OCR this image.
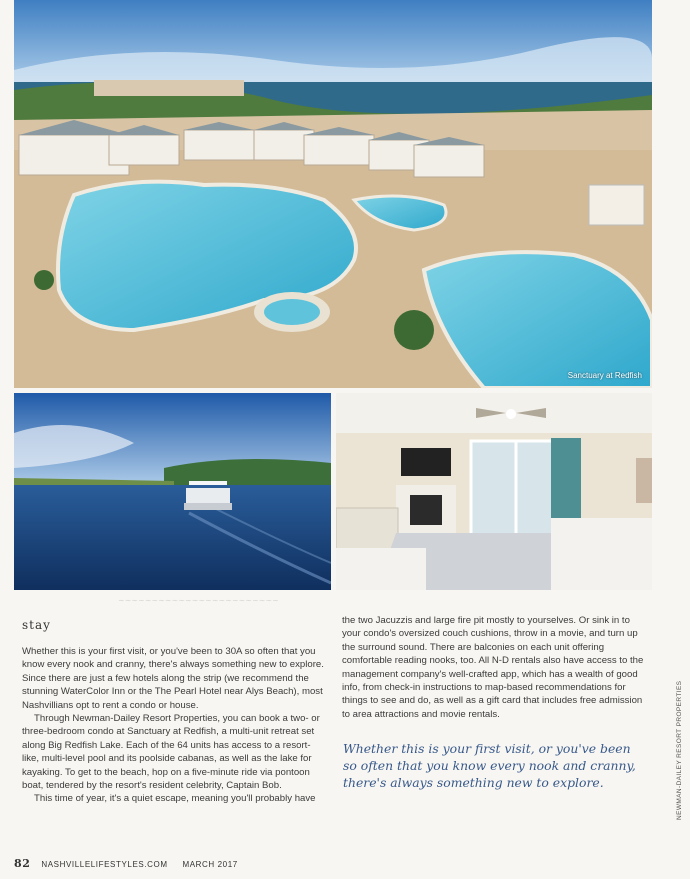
Sanctuary at Redfish
∼∼∼∼∼∼∼∼∼∼∼∼∼∼∼∼∼∼∼∼∼∼∼∼
stay

Whether this is your first visit, or you've been to 30A so often that you know every nook and cranny, there's always something new to explore. Since there are just a few hotels along the strip (we recommend the stunning WaterColor Inn or the The Pearl Hotel near Alys Beach), most Nashvillians opt to rent a condo or house.

Through Newman-Dailey Resort Properties, you can book a two- or three-bedroom condo at Sanctuary at Redfish, a multi-unit retreat set along Big Redfish Lake. Each of the 64 units has access to a resort-like, multi-level pool and its poolside cabanas, as well as the lake for kayaking. To get to the beach, hop on a five-minute ride via pontoon boat, tendered by the resort's resident celebrity, Captain Bob.

This time of year, it's a quiet escape, meaning you'll probably have

the two Jacuzzis and large fire pit mostly to yourselves. Or sink in to your condo's oversized couch cushions, throw in a movie, and turn up the surround sound. There are balconies on each unit offering comfortable reading nooks, too. All N-D rentals also have access to the management company's well-crafted app, which has a wealth of good info, from check-in instructions to map-based recommendations for things to see and do, as well as a gift card that includes free admission to area attractions and movie rentals.

Whether this is your first visit, or you've been so often that you know every nook and cranny, there's always something new to explore.	NEWMAN-DAILEY RESORT PROPERTIES
82 NASHVILLELIFESTYLES.COM MARCH 2017
